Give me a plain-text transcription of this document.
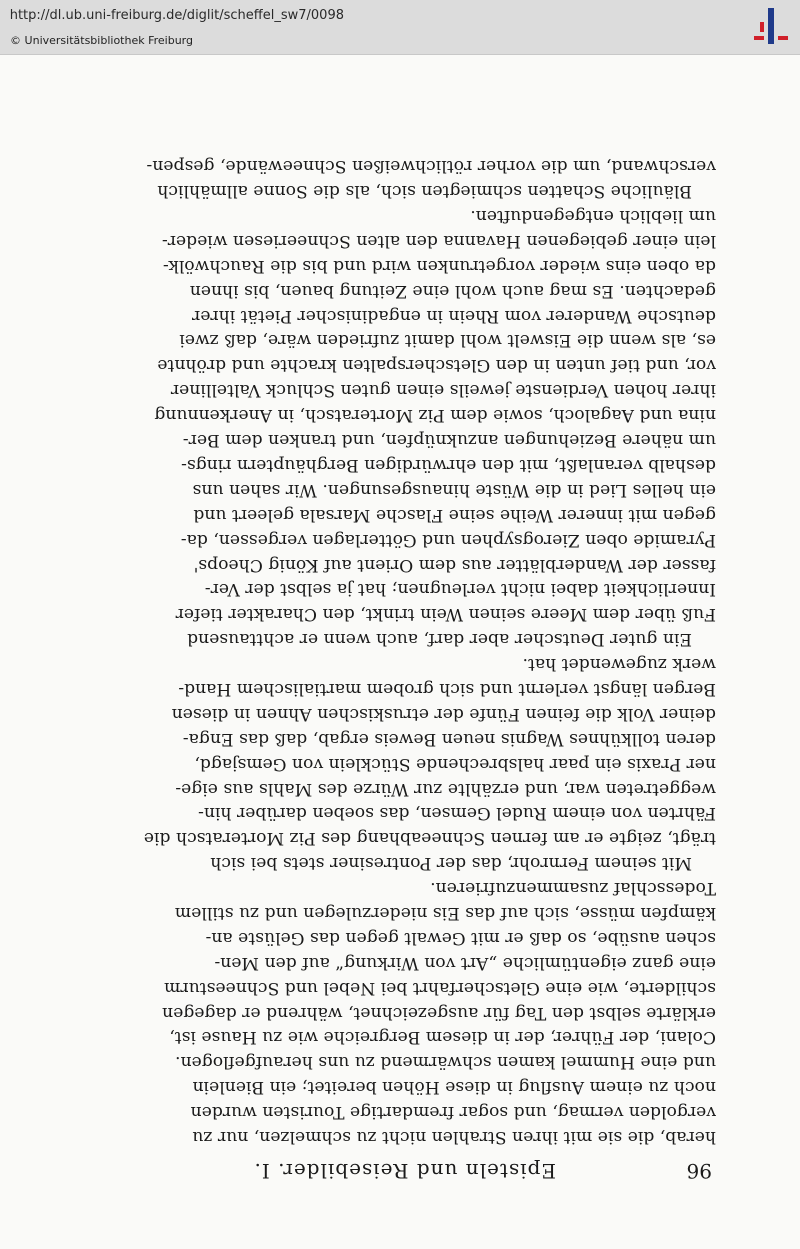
96
Episteln und Reisebilder. I.
herab, die sie mit ihren Strahlen nicht zu schmelzen, nur zu
vergolden vermag, und sogar fremdartige Touristen wurden
noch zu einem Ausflug in diese Höhen bereitet; ein Bienlein
und eine Hummel kamen schwärmend zu uns heraufgeflogen.
Colani, der Führer, der in diesem Bergreiche wie zu Hause ist,
erklärte selbst den Tag für ausgezeichnet, während er dagegen
schilderte, wie eine Gletscherfahrt bei Nebel und Schneesturm
eine ganz eigentümliche „Art von Wirkung“ auf den Men-
schen ausübe, so daß er mit Gewalt gegen das Gelüste an-
kämpfen müsse, sich auf das Eis niederzulegen und zu stillem
Todesschlaf zusammenzufrieren.
Mit seinem Fernrohr, das der Pontresiner stets bei sich
trägt, zeigte er am fernen Schneeabhang des Piz Morteratsch die
Fährten von einem Rudel Gemsen, das soeben darüber hin-
weggetreten war, und erzählte zur Würze des Mahls aus eige-
ner Praxis ein paar halsbrechende Stücklein von Gemsjagd,
deren tollkühnes Wagnis neuen Beweis ergab, daß das Enga-
deiner Volk die feinen Fünfe der etruskischen Ahnen in diesen
Bergen längst verlernt und sich grobem martialischem Hand-
werk zugewendet hat.
Ein guter Deutscher aber darf, auch wenn er achttausend
Fuß über dem Meere seinen Wein trinkt, den Charakter tiefer
Innerlichkeit dabei nicht verleugnen; hat ja selbst der Ver-
fasser der Wanderblätter aus dem Orient auf König Cheops'
Pyramide oben Zierogsyphen und Götterlagen vergessen, da-
gegen mit innerer Weihe seine Flasche Marsala geleert und
ein helles Lied in die Wüste hinausgesungen. Wir sahen uns
deshalb veranlaßt, mit den ehrwürdigen Berghäuptern rings-
um nähere Beziehungen anzuknüpfen, und tranken dem Ber-
nina und Aagaloch, sowie dem Piz Morteratsch, in Anerkennung
ihrer hohen Verdienste jeweils einen guten Schluck Valtelliner
vor, und tief unten in den Gletscherspalten krachte und dröhnte
es, als wenn die Eiswelt wohl damit zufrieden wäre, daß zwei
deutsche Wanderer vom Rhein in engadinischer Pietät ihrer
gedachten. Es mag auch wohl eine Zeitung bauen, bis ihnen
da oben eins wieder vorgetrunken wird und bis die Rauchwölk-
lein einer gebiegenen Havanna den alten Schneeriesen wieder-
um lieblich entgegenduften.
Bläuliche Schatten schmiegten sich, als die Sonne allmählich
verschwand, um die vorher rötlichweißen Schneewände, gespen-
http://dl.ub.uni-freiburg.de/diglit/scheffel_sw7/0098
© Universitätsbibliothek Freiburg
